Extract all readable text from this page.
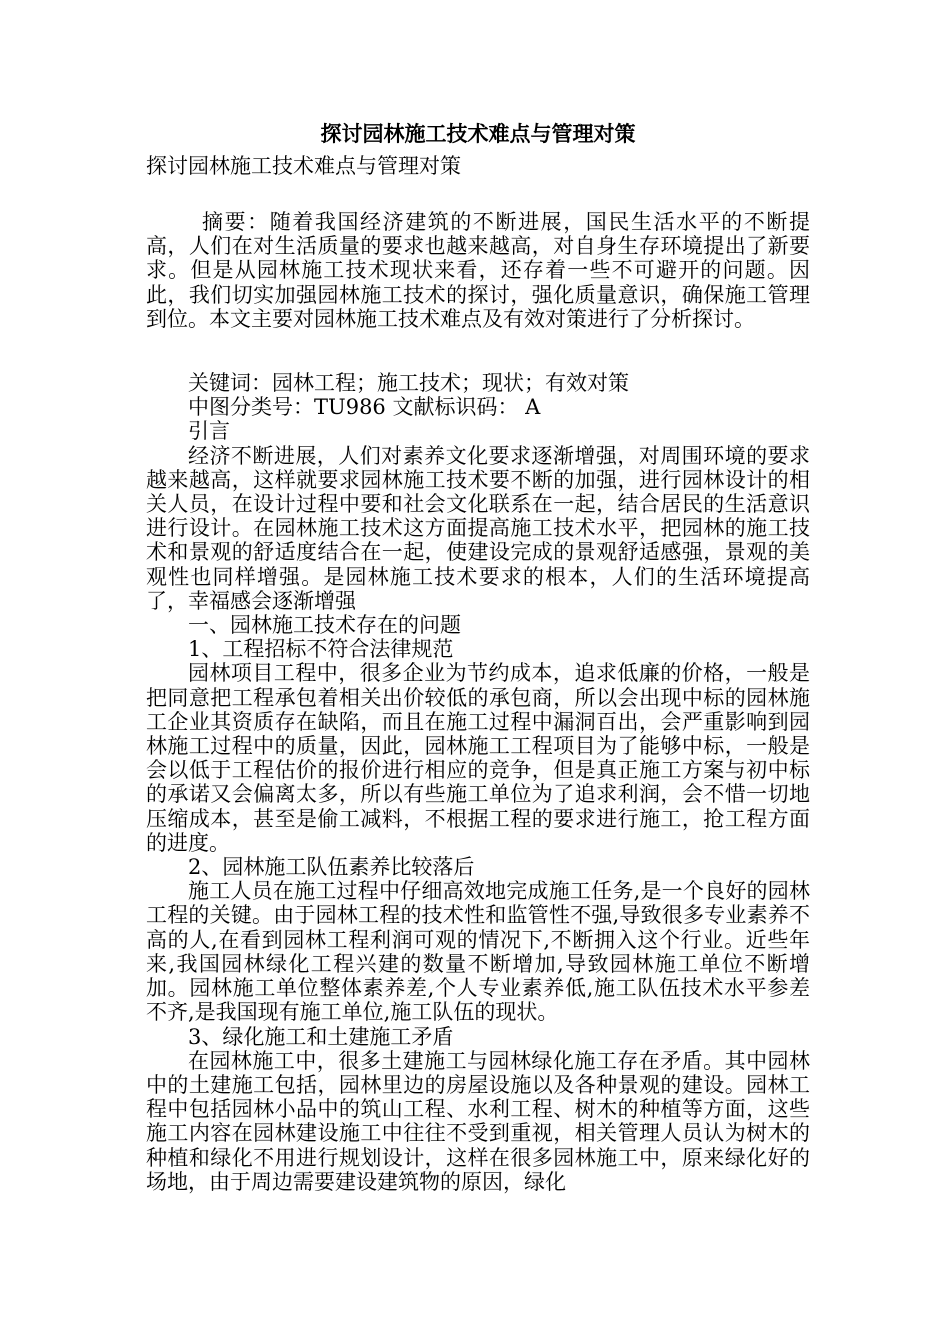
探讨园林施工技术难点与管理对策

探讨园林施工技术难点与管理对策

摘要：随着我国经济建筑的不断进展，国民生活水平的不断提高，人们在对生活质量的要求也越来越高，对自身生存环境提出了新要求。但是从园林施工技术现状来看，还存着一些不可避开的问题。因此，我们切实加强园林施工技术的探讨，强化质量意识，确保施工管理到位。本文主要对园林施工技术难点及有效对策进行了分析探讨。

关键词：园林工程；施工技术；现状；有效对策

中图分类号：TU986 文献标识码： A

引言

经济不断进展，人们对素养文化要求逐渐增强，对周围环境的要求越来越高，这样就要求园林施工技术要不断的加强，进行园林设计的相关人员，在设计过程中要和社会文化联系在一起，结合居民的生活意识进行设计。在园林施工技术这方面提高施工技术水平，把园林的施工技术和景观的舒适度结合在一起，使建设完成的景观舒适感强，景观的美观性也同样增强。是园林施工技术要求的根本，人们的生活环境提高了，幸福感会逐渐增强

一、园林施工技术存在的问题

1、工程招标不符合法律规范

园林项目工程中，很多企业为节约成本，追求低廉的价格，一般是把同意把工程承包着相关出价较低的承包商，所以会出现中标的园林施工企业其资质存在缺陷，而且在施工过程中漏洞百出，会严重影响到园林施工过程中的质量，因此，园林施工工程项目为了能够中标，一般是会以低于工程估价的报价进行相应的竞争，但是真正施工方案与初中标的承诺又会偏离太多，所以有些施工单位为了追求利润，会不惜一切地压缩成本，甚至是偷工减料，不根据工程的要求进行施工，抢工程方面的进度。

2、园林施工队伍素养比较落后

施工人员在施工过程中仔细高效地完成施工任务,是一个良好的园林工程的关键。由于园林工程的技术性和监管性不强,导致很多专业素养不高的人,在看到园林工程利润可观的情况下,不断拥入这个行业。近些年来,我国园林绿化工程兴建的数量不断增加,导致园林施工单位不断增加。园林施工单位整体素养差,个人专业素养低,施工队伍技术水平参差不齐,是我国现有施工单位,施工队伍的现状。

3、绿化施工和土建施工矛盾

在园林施工中，很多土建施工与园林绿化施工存在矛盾。其中园林中的土建施工包括，园林里边的房屋设施以及各种景观的建设。园林工程中包括园林小品中的筑山工程、水利工程、树木的种植等方面，这些施工内容在园林建设施工中往往不受到重视，相关管理人员认为树木的种植和绿化不用进行规划设计，这样在很多园林施工中，原来绿化好的场地，由于周边需要建设建筑物的原因，绿化
